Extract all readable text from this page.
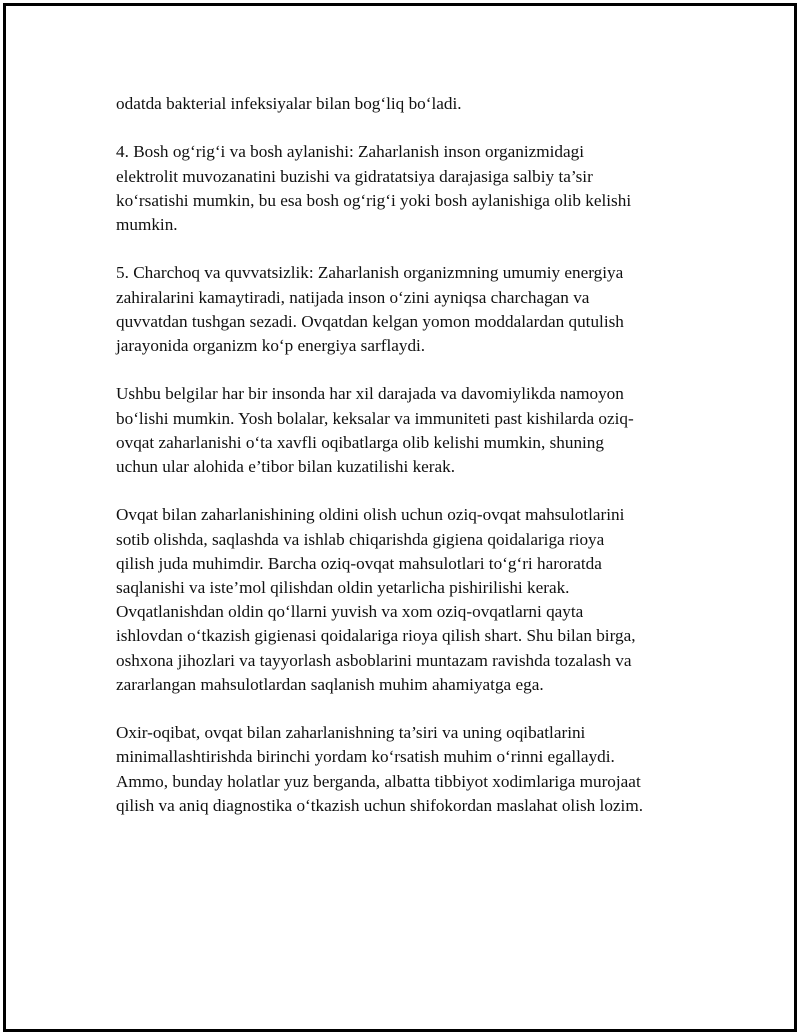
odatda bakterial infeksiyalar bilan bog‘liq bo‘ladi.

4. Bosh og‘rig‘i va bosh aylanishi: Zaharlanish inson organizmidagi
elektrolit muvozanatini buzishi va gidratatsiya darajasiga salbiy ta’sir
ko‘rsatishi mumkin, bu esa bosh og‘rig‘i yoki bosh aylanishiga olib kelishi
mumkin.

5. Charchoq va quvvatsizlik: Zaharlanish organizmning umumiy energiya
zahiralarini kamaytiradi, natijada inson o‘zini ayniqsa charchagan va
quvvatdan tushgan sezadi. Ovqatdan kelgan yomon moddalardan qutulish
jarayonida organizm ko‘p energiya sarflaydi.

Ushbu belgilar har bir insonda har xil darajada va davomiylikda namoyon
bo‘lishi mumkin. Yosh bolalar, keksalar va immuniteti past kishilarda oziq-
ovqat zaharlanishi o‘ta xavfli oqibatlarga olib kelishi mumkin, shuning
uchun ular alohida e’tibor bilan kuzatilishi kerak.

Ovqat bilan zaharlanishining oldini olish uchun oziq-ovqat mahsulotlarini
sotib olishda, saqlashda va ishlab chiqarishda gigiena qoidalariga rioya
qilish juda muhimdir. Barcha oziq-ovqat mahsulotlari to‘g‘ri haroratda
saqlanishi va iste’mol qilishdan oldin yetarlicha pishirilishi kerak.
Ovqatlanishdan oldin qo‘llarni yuvish va xom oziq-ovqatlarni qayta
ishlovdan o‘tkazish gigienasi qoidalariga rioya qilish shart. Shu bilan birga,
oshxona jihozlari va tayyorlash asboblarini muntazam ravishda tozalash va
zararlangan mahsulotlardan saqlanish muhim ahamiyatga ega.

Oxir-oqibat, ovqat bilan zaharlanishning ta’siri va uning oqibatlarini
minimallashtirishda birinchi yordam ko‘rsatish muhim o‘rinni egallaydi.
Ammo, bunday holatlar yuz berganda, albatta tibbiyot xodimlariga murojaat
qilish va aniq diagnostika o‘tkazish uchun shifokordan maslahat olish lozim.
